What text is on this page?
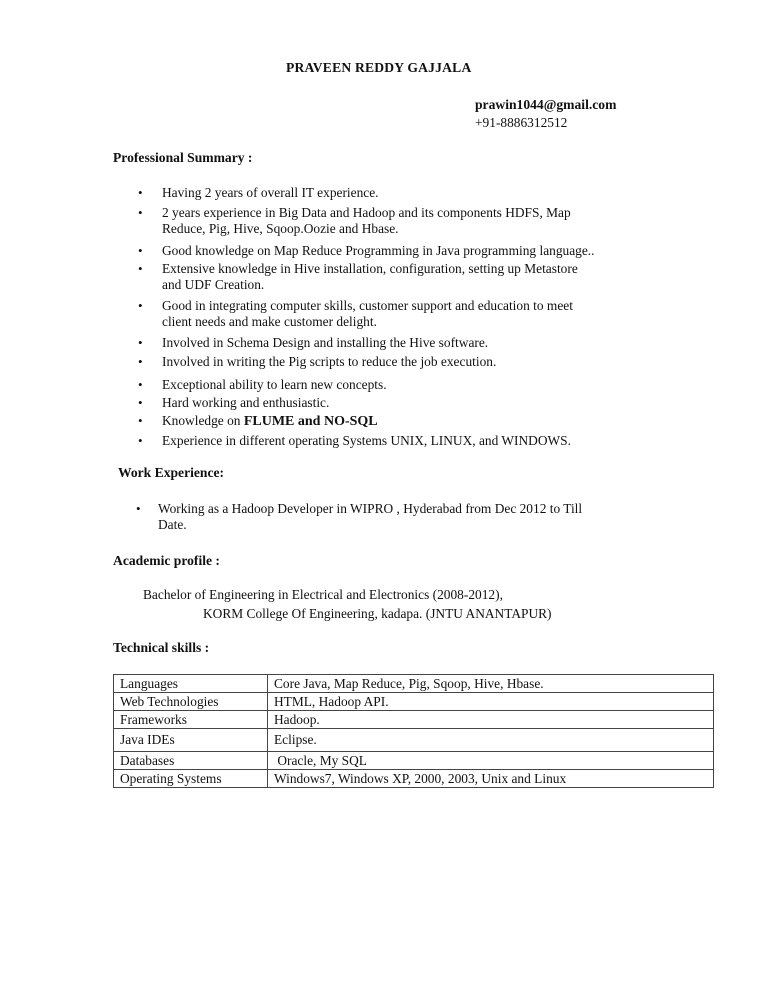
PRAVEEN REDDY GAJJALA
prawin1044@gmail.com
+91-8886312512
Professional Summary :
• Having 2 years of overall IT experience.
• 2 years experience in Big Data and Hadoop and its components HDFS, Map
Reduce, Pig, Hive, Sqoop.Oozie and Hbase.
• Good knowledge on Map Reduce Programming in Java programming language..
• Extensive knowledge in Hive installation, configuration, setting up Metastore
and UDF Creation.
• Good in integrating computer skills, customer support and education to meet
client needs and make customer delight.
• Involved in Schema Design and installing the Hive software.
• Involved in writing the Pig scripts to reduce the job execution.
• Exceptional ability to learn new concepts.
• Hard working and enthusiastic.
• Knowledge on FLUME and NO-SQL
• Experience in different operating Systems UNIX, LINUX, and WINDOWS.
Work Experience:
• Working as a Hadoop Developer in WIPRO , Hyderabad from Dec 2012 to Till
Date.
Academic profile :
Bachelor of Engineering in Electrical and Electronics (2008-2012),
KORM College Of Engineering, kadapa. (JNTU ANANTAPUR)
Technical skills :
Languages	Core Java, Map Reduce, Pig, Sqoop, Hive, Hbase.
Web Technologies	HTML, Hadoop API.
Frameworks	Hadoop.
Java IDEs	Eclipse.
Databases	Oracle, My SQL
Operating Systems	Windows7, Windows XP, 2000, 2003, Unix and Linux
